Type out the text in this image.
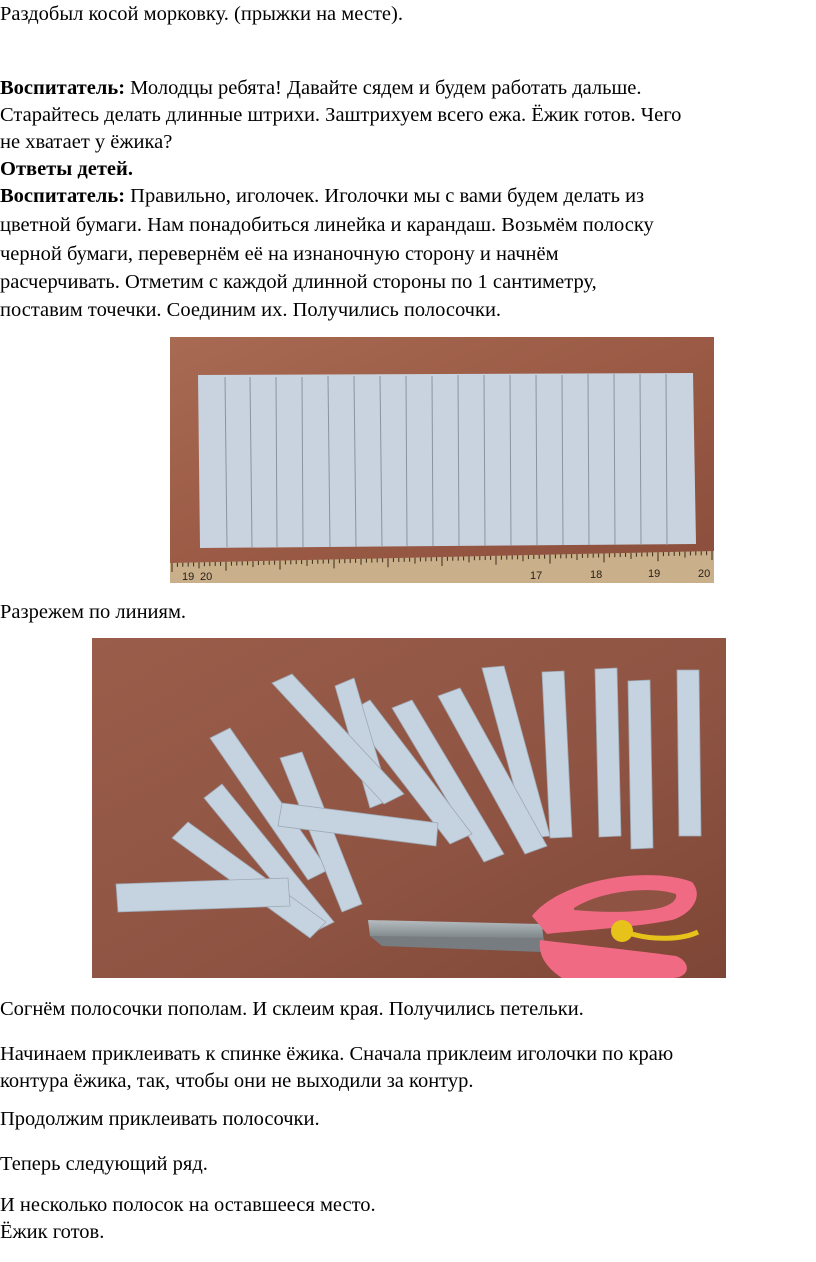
Раздобыл косой морковку. (прыжки на месте).
Воспитатель: Молодцы ребята! Давайте сядем и будем работать дальше.
Старайтесь делать длинные штрихи. Заштрихуем всего ежа. Ёжик готов. Чего
не хватает у ёжика?
Ответы детей.
Воспитатель: Правильно, иголочек. Иголочки мы с вами будем делать из
цветной бумаги. Нам понадобиться линейка и карандаш. Возьмём полоску
черной бумаги, перевернём её на изнаночную сторону и начнём
расчерчивать. Отметим с каждой длинной стороны по 1 сантиметру,
поставим точечки. Соединим их. Получились полосочки.
19 20	17	18	19	20
Разрежем по линиям.
Согнём полосочки пополам. И склеим края. Получились петельки.
Начинаем приклеивать к спинке ёжика. Сначала приклеим иголочки по краю
контура ёжика, так, чтобы они не выходили за контур.
Продолжим приклеивать полосочки.
Теперь следующий ряд.
И несколько полосок на оставшееся место.
Ёжик готов.
